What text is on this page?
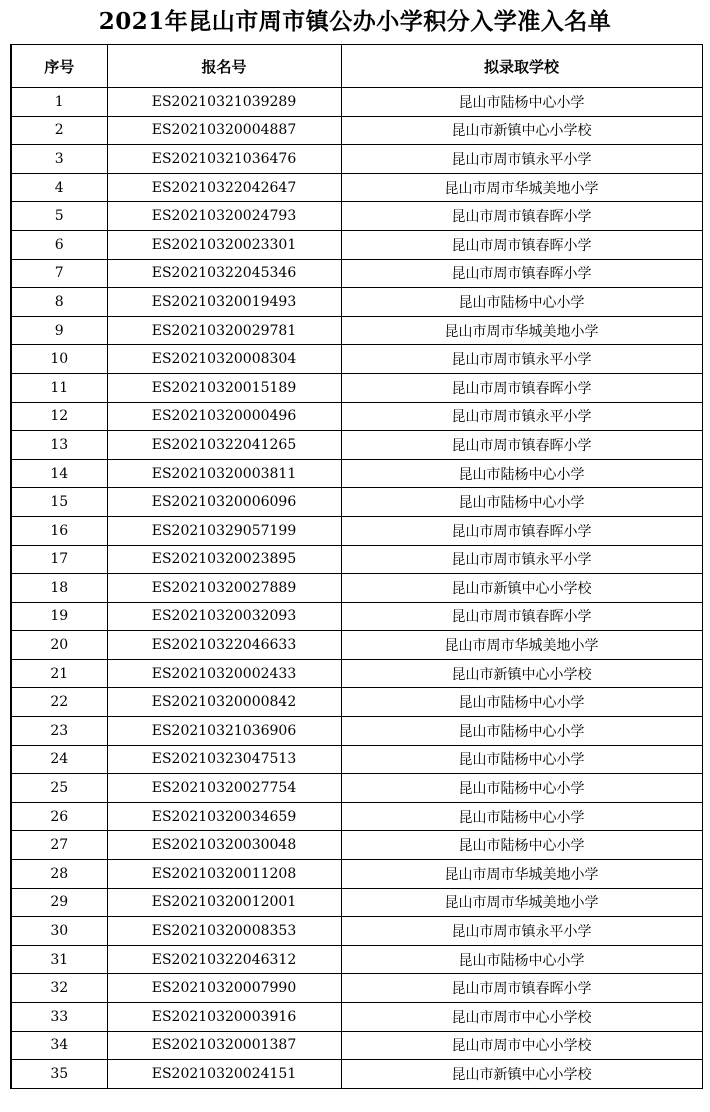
2021年昆山市周市镇公办小学积分入学准入名单
序号	报名号	拟录取学校
1	ES20210321039289	昆山市陆杨中心小学
2	ES20210320004887	昆山市新镇中心小学校
3	ES20210321036476	昆山市周市镇永平小学
4	ES20210322042647	昆山市周市华城美地小学
5	ES20210320024793	昆山市周市镇春晖小学
6	ES20210320023301	昆山市周市镇春晖小学
7	ES20210322045346	昆山市周市镇春晖小学
8	ES20210320019493	昆山市陆杨中心小学
9	ES20210320029781	昆山市周市华城美地小学
10	ES20210320008304	昆山市周市镇永平小学
11	ES20210320015189	昆山市周市镇春晖小学
12	ES20210320000496	昆山市周市镇永平小学
13	ES20210322041265	昆山市周市镇春晖小学
14	ES20210320003811	昆山市陆杨中心小学
15	ES20210320006096	昆山市陆杨中心小学
16	ES20210329057199	昆山市周市镇春晖小学
17	ES20210320023895	昆山市周市镇永平小学
18	ES20210320027889	昆山市新镇中心小学校
19	ES20210320032093	昆山市周市镇春晖小学
20	ES20210322046633	昆山市周市华城美地小学
21	ES20210320002433	昆山市新镇中心小学校
22	ES20210320000842	昆山市陆杨中心小学
23	ES20210321036906	昆山市陆杨中心小学
24	ES20210323047513	昆山市陆杨中心小学
25	ES20210320027754	昆山市陆杨中心小学
26	ES20210320034659	昆山市陆杨中心小学
27	ES20210320030048	昆山市陆杨中心小学
28	ES20210320011208	昆山市周市华城美地小学
29	ES20210320012001	昆山市周市华城美地小学
30	ES20210320008353	昆山市周市镇永平小学
31	ES20210322046312	昆山市陆杨中心小学
32	ES20210320007990	昆山市周市镇春晖小学
33	ES20210320003916	昆山市周市中心小学校
34	ES20210320001387	昆山市周市中心小学校
35	ES20210320024151	昆山市新镇中心小学校
